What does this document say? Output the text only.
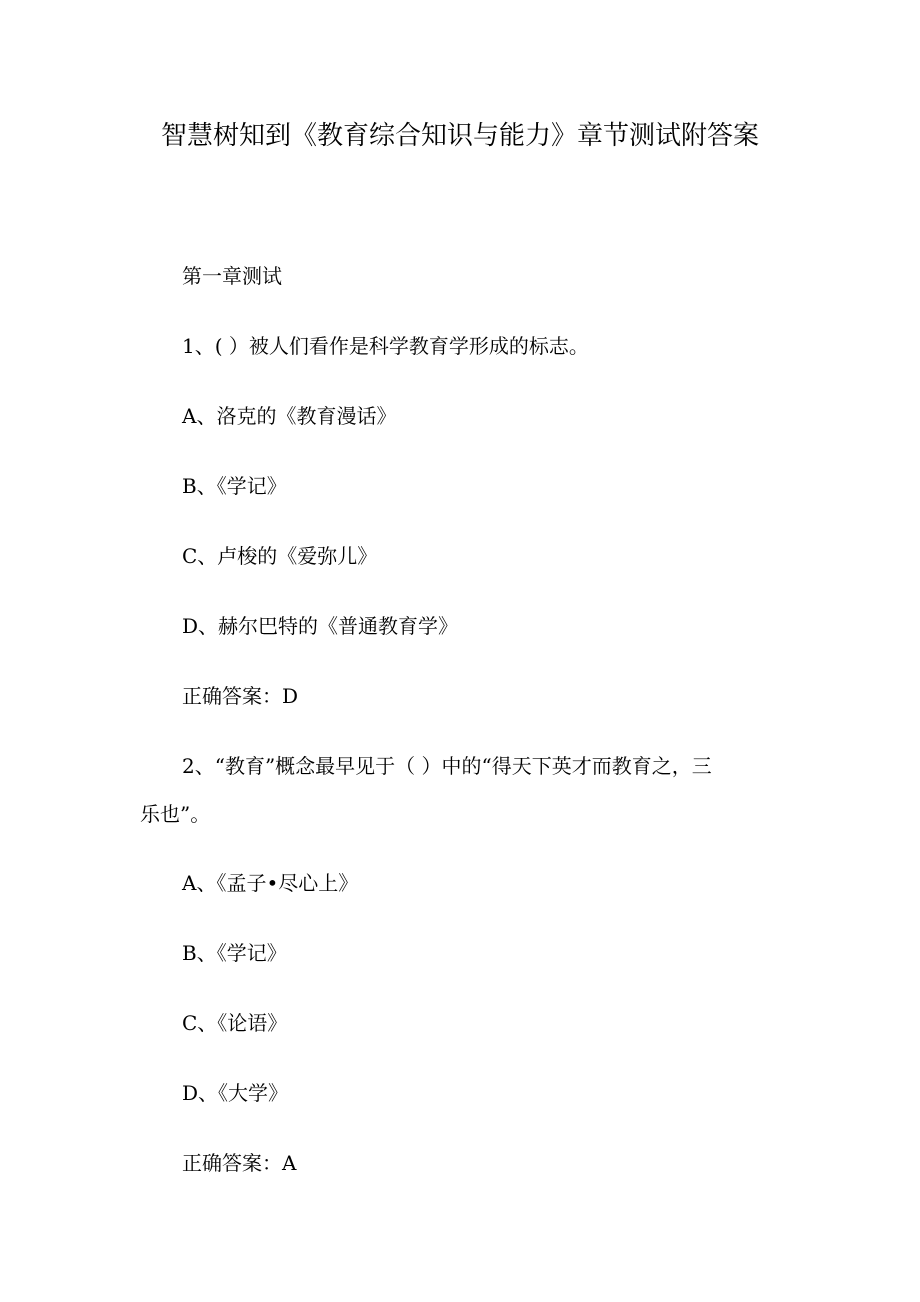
智慧树知到《教育综合知识与能力》章节测试附答案

第一章测试

1、( ）被人们看作是科学教育学形成的标志。

A、洛克的《教育漫话》

B、《学记》

C、卢梭的《爱弥儿》

D、赫尔巴特的《普通教育学》

正确答案：D

2、“教育”概念最早见于（ ）中的“得天下英才而教育之，三

乐也”。

A、《孟子•尽心上》

B、《学记》

C、《论语》

D、《大学》

正确答案：A
